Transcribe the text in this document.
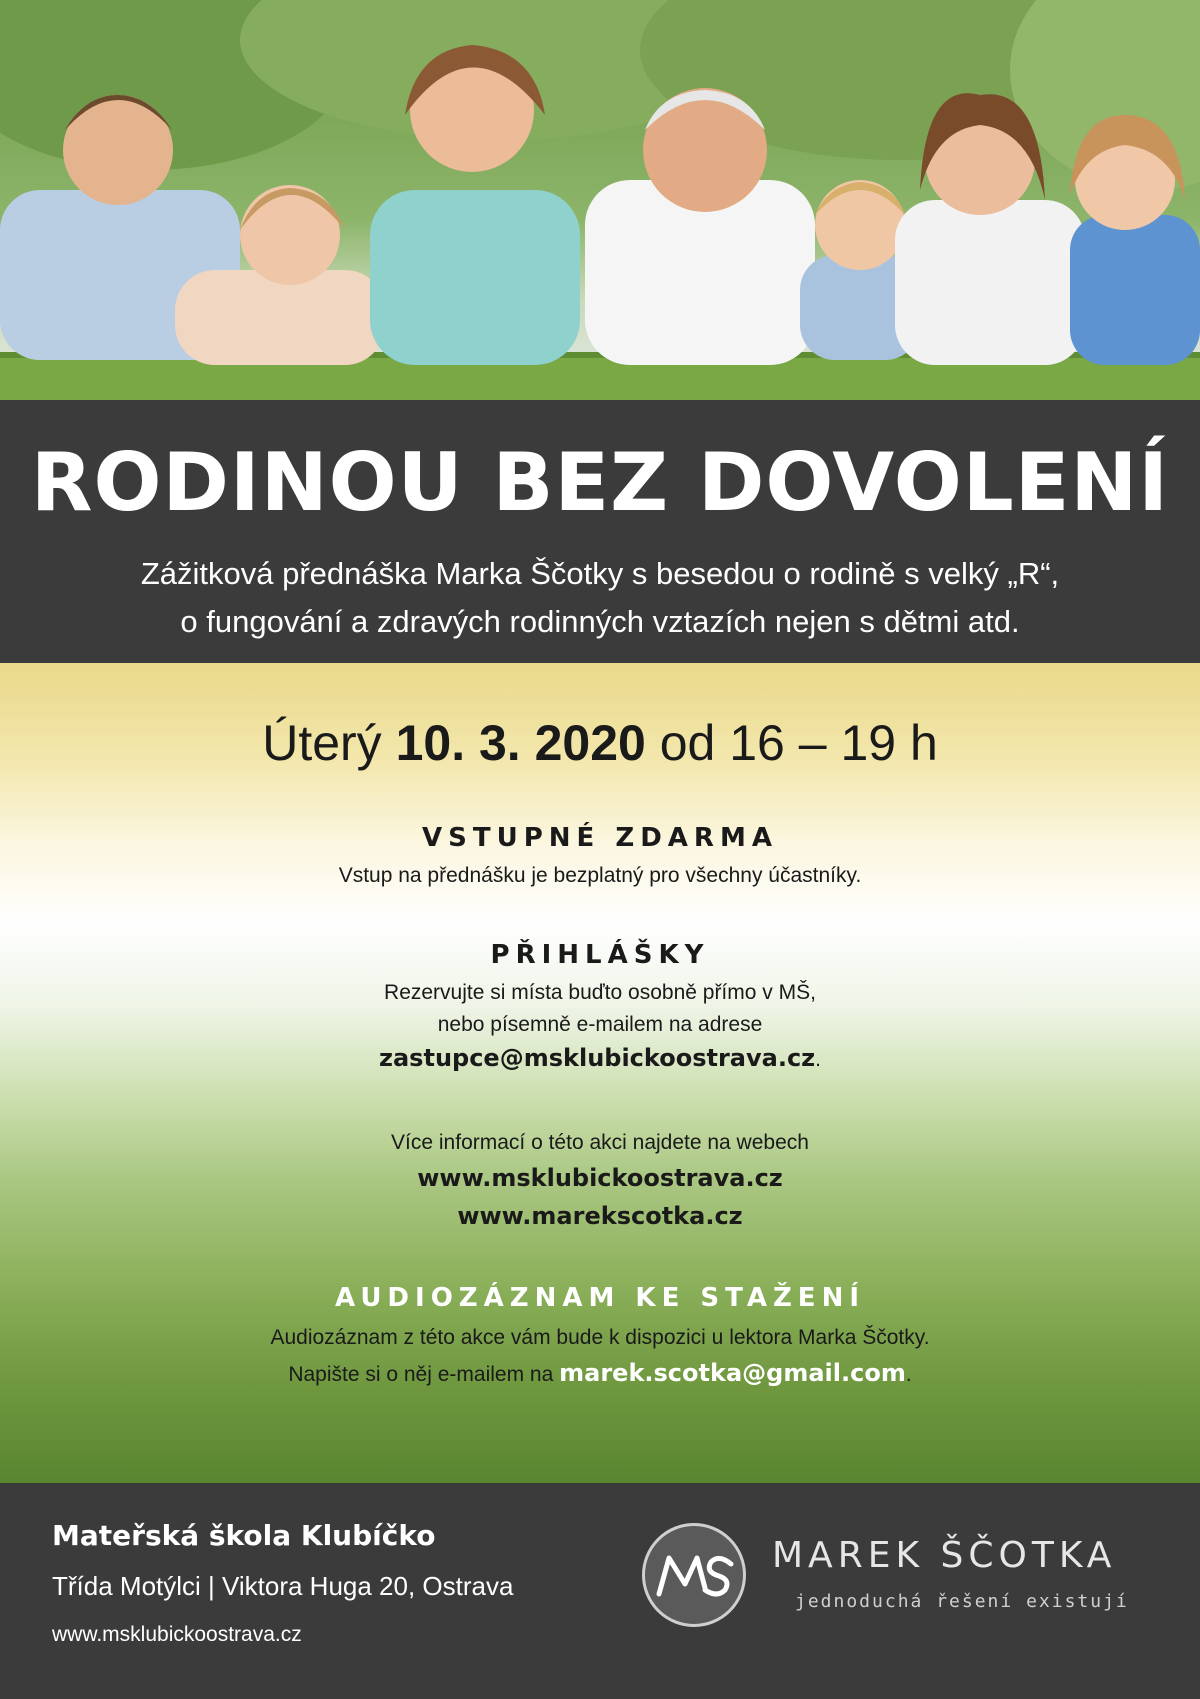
RODINOU BEZ DOVOLENÍ
Zážitková přednáška Marka Ščotky s besedou o rodině s velký „R“,
o fungování a zdravých rodinných vztazích nejen s dětmi atd.
Úterý 10. 3. 2020 od 16 – 19 h
VSTUPNÉ ZDARMA
Vstup na přednášku je bezplatný pro všechny účastníky.
PŘIHLÁŠKY
Rezervujte si místa buďto osobně přímo v MŠ,
nebo písemně e-mailem na adrese
zastupce@msklubickoostrava.cz.
Více informací o této akci najdete na webech
www.msklubickoostrava.cz
www.marekscotka.cz
AUDIOZÁZNAM KE STAŽENÍ
Audiozáznam z této akce vám bude k dispozici u lektora Marka Ščotky.
Napište si o něj e-mailem na marek.scotka@gmail.com.
Mateřská škola Klubíčko
Třída Motýlci | Viktora Huga 20, Ostrava
www.msklubickoostrava.cz
MAREK ŠČOTKA
jednoduchá řešení existují
